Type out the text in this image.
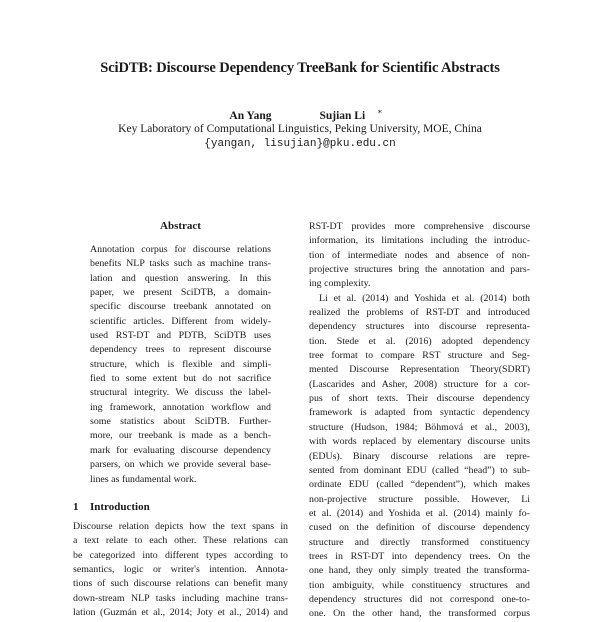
SciDTB: Discourse Dependency TreeBank for Scientific Abstracts
An Yang	Sujian Li ∗
Key Laboratory of Computational Linguistics, Peking University, MOE, China
{yangan, lisujian}@pku.edu.cn
Abstract
Annotation corpus for discourse relations
benefits NLP tasks such as machine trans-
lation and question answering. In this
paper, we present SciDTB, a domain-
specific discourse treebank annotated on
scientific articles. Different from widely-
used RST-DT and PDTB, SciDTB uses
dependency trees to represent discourse
structure, which is flexible and simpli-
fied to some extent but do not sacrifice
structural integrity. We discuss the label-
ing framework, annotation workflow and
some statistics about SciDTB. Further-
more, our treebank is made as a bench-
mark for evaluating discourse dependency
parsers, on which we provide several base-
lines as fundamental work.
1 Introduction
Discourse relation depicts how the text spans in
a text relate to each other. These relations can
be categorized into different types according to
semantics, logic or writer's intention. Annota-
tions of such discourse relations can benefit many
down-stream NLP tasks including machine trans-
lation (Guzmán et al., 2014; Joty et al., 2014) and
RST-DT provides more comprehensive discourse
information, its limitations including the introduc-
tion of intermediate nodes and absence of non-
projective structures bring the annotation and pars-
ing complexity.
Li et al. (2014) and Yoshida et al. (2014) both
realized the problems of RST-DT and introduced
dependency structures into discourse representa-
tion. Stede et al. (2016) adopted dependency
tree format to compare RST structure and Seg-
mented Discourse Representation Theory(SDRT)
(Lascarides and Asher, 2008) structure for a cor-
pus of short texts. Their discourse dependency
framework is adapted from syntactic dependency
structure (Hudson, 1984; Böhmová et al., 2003),
with words replaced by elementary discourse units
(EDUs). Binary discourse relations are repre-
sented from dominant EDU (called “head”) to sub-
ordinate EDU (called “dependent”), which makes
non-projective structure possible. However, Li
et al. (2014) and Yoshida et al. (2014) mainly fo-
cused on the definition of discourse dependency
structure and directly transformed constituency
trees in RST-DT into dependency trees. On the
one hand, they only simply treated the transforma-
tion ambiguity, while constituency structures and
dependency structures did not correspond one-to-
one. On the other hand, the transformed corpus
